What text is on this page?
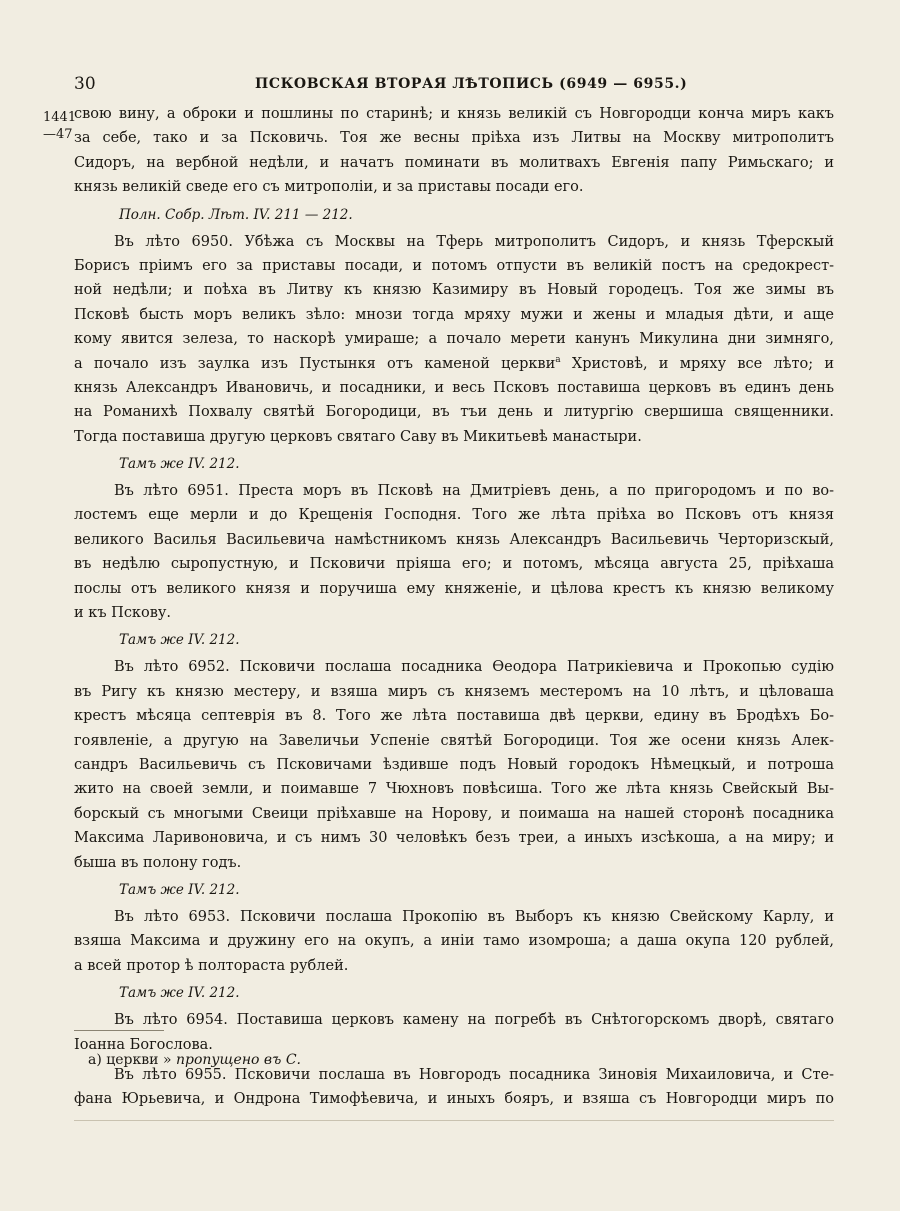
30	ПСКОВСКАЯ ВТОРАЯ ЛѢТОПИСЬ (6949 — 6955.)
1441
—47
свою вину, а оброки и пошлины по старинѣ; и князь великій съ Новгородци конча миръ какъ
за себе, тако и за Псковичь. Тоя же весны пріѣха изъ Литвы на Москву митрополитъ
Сидоръ, на вербной недѣли, и начатъ поминати въ молитвахъ Евгенія папу Римьскаго; и
князь великій сведе его съ митрополіи, и за приставы посади его.
Полн. Собр. Лѣт. IV. 211 — 212.
Въ лѣто 6950. Убѣжа съ Москвы на Тферь митрополитъ Сидоръ, и князь Тферскый
Борисъ пріимъ его за приставы посади, и потомъ отпусти въ великій постъ на средокрест-
ной недѣли; и поѣха въ Литву къ князю Казимиру въ Новый городецъ. Тоя же зимы въ
Псковѣ бысть моръ великъ зѣло: мнози тогда мряху мужи и жены и младыя дѣти, и аще
кому явится зелеза, то наскорѣ умираше; а почало мерети канунъ Микулина дни зимняго,
а почало изъ заулка изъ Пустынкя отъ каменой церкви$^а$ Христовѣ, и мряху все лѣто; и
князь Александръ Ивановичь, и посадники, и весь Псковъ поставиша церковъ въ единъ день
на Романихѣ Похвалу святѣй Богородици, въ тъи день и литургію свершиша священники.
Тогда поставиша другую церковъ святаго Саву въ Микитьевѣ манастыри.
Тамъ же IV. 212.
Въ лѣто 6951. Преста моръ въ Псковѣ на Дмитріевъ день, а по пригородомъ и по во-
лостемъ еще мерли и до Крещенія Господня. Того же лѣта пріѣха во Псковъ отъ князя
великого Василья Васильевича намѣстникомъ князь Александръ Васильевичь Черторизскый,
въ недѣлю сыропустную, и Псковичи пріяша его; и потомъ, мѣсяца августа 25, пріѣхаша
послы отъ великого князя и поручиша ему княженіе, и цѣлова крестъ къ князю великому
и къ Пскову.
Тамъ же IV. 212.
Въ лѣто 6952. Псковичи послаша посадника Ѳеодора Патрикіевича и Прокопью судію
въ Ригу къ князю местеру, и взяша миръ съ княземъ местеромъ на 10 лѣтъ, и цѣловаша
крестъ мѣсяца септеврія въ 8. Того же лѣта поставиша двѣ церкви, едину въ Бродѣхъ Бо-
гоявленіе, а другую на Завеличьи Успеніе святѣй Богородици. Тоя же осени князь Алек-
сандръ Васильевичь съ Псковичами ѣздивше подъ Новый городокъ Нѣмецкый, и потроша
жито на своей земли, и поимавше 7 Чюхновъ повѣсиша. Того же лѣта князь Свейскый Вы-
борскый съ многыми Свеици пріѣхавше на Норову, и поимаша на нашей сторонѣ посадника
Максима Ларивоновича, и съ нимъ 30 человѣкъ безъ треи, а иныхъ изсѣкоша, а на миру; и
быша въ полону годъ.
Тамъ же IV. 212.
Въ лѣто 6953. Псковичи послаша Прокопію въ Выборъ къ князю Свейскому Карлу, и
взяша Максима и дружину его на окупъ, а инiи тамо изомроша; а даша окупа 120 рублей,
а всей протор ѣ полтораста рублей.
Тамъ же IV. 212.
Въ лѣто 6954. Поставиша церковъ камену на погребѣ въ Снѣтогорскомъ дворѣ, святаго
Іоанна Богослова.
Въ лѣто 6955. Псковичи послаша въ Новгородъ посадника Зиновія Михаиловича, и Сте-
фана Юрьевича, и Ондрона Тимофѣевича, и иныхъ бояръ, и взяша съ Новгородци миръ по
а) церкви » пропущено въ С.
